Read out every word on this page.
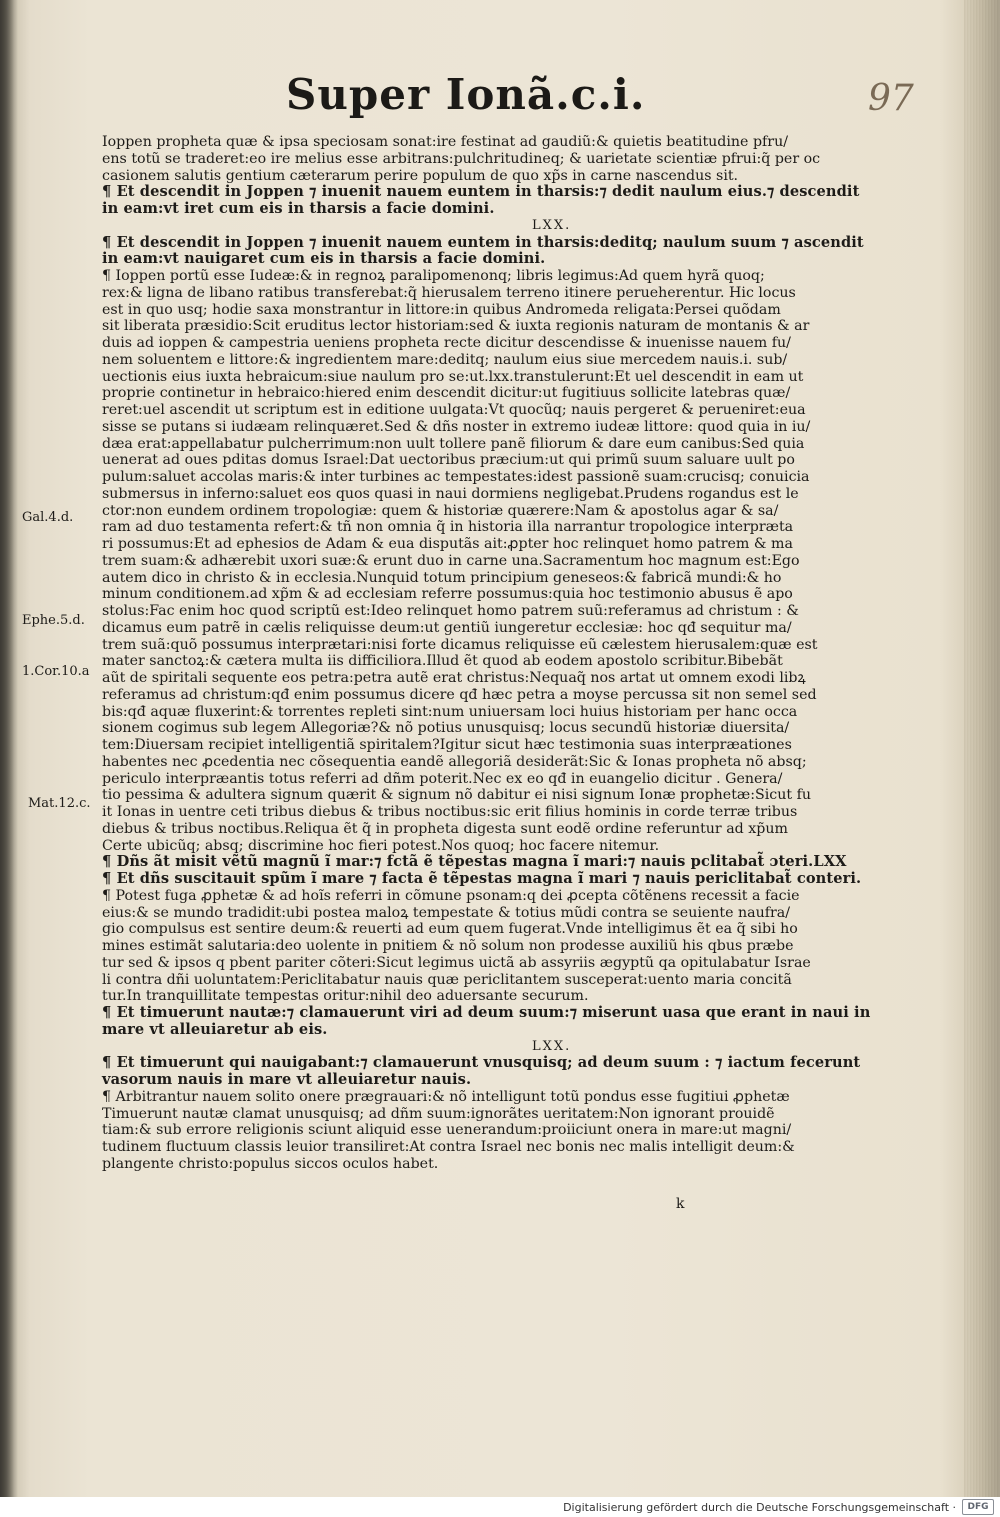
Super Ionã.c.i.	97
Gal.4.d.
Ephe.5.d.
1.Cor.10.a
Mat.12.c.
Ioppen propheta quæ & ipsa speciosam sonat:ire festinat ad gaudiũ:& quietis beatitudine pfru/
ens totũ se traderet:eo ire melius esse arbitrans:pulchritudineq; & uarietate scientiæ pfrui:q̃ per oc
casionem salutis gentium cæterarum perire populum de quo xp̃s in carne nascendus sit.
¶ Et descendit in Joppen ⁊ inuenit nauem euntem in tharsis:⁊ dedit naulum eius.⁊ descendit
in eam:vt iret cum eis in tharsis a facie domini.
LXX.
¶ Et descendit in Joppen ⁊ inuenit nauem euntem in tharsis:deditq; naulum suum ⁊ ascendit
in eam:vt nauigaret cum eis in tharsis a facie domini.
¶ Ioppen portũ esse Iudeæ:& in regnoꝝ paralipomenonq; libris legimus:Ad quem hyrã quoq;
rex:& ligna de libano ratibus transferebat:q̃ hierusalem terreno itinere perueherentur. Hic locus
est in quo usq; hodie saxa monstrantur in littore:in quibus Andromeda religata:Persei quõdam
sit liberata præsidio:Scit eruditus lector historiam:sed & iuxta regionis naturam de montanis & ar
duis ad ioppen & campestria ueniens propheta recte dicitur descendisse & inuenisse nauem fu/
nem soluentem e littore:& ingredientem mare:deditq; naulum eius siue mercedem nauis.i. sub/
uectionis eius iuxta hebraicum:siue naulum pro se:ut.lxx.transtulerunt:Et uel descendit in eam ut
proprie continetur in hebraico:hiered enim descendit dicitur:ut fugitiuus sollicite latebras quæ/
reret:uel ascendit ut scriptum est in editione uulgata:Vt quocũq; nauis pergeret & perueniret:eua
sisse se putans si iudæam relinquæret.Sed & dñs noster in extremo iudeæ littore: quod quia in iu/
dæa erat:appellabatur pulcherrimum:non uult tollere panẽ filiorum & dare eum canibus:Sed quia
uenerat ad oues pditas domus Israel:Dat uectoribus præcium:ut qui primũ suum saluare uult po
pulum:saluet accolas maris:& inter turbines ac tempestates:idest passionẽ suam:crucisq; conuicia
submersus in inferno:saluet eos quos quasi in naui dormiens negligebat.Prudens rogandus est le
ctor:non eundem ordinem tropologiæ: quem & historiæ quærere:Nam & apostolus agar & sa/
ram ad duo testamenta refert:& tñ non omnia q̃ in historia illa narrantur tropologice interpræta
ri possumus:Et ad ephesios de Adam & eua disputãs ait:ꝓpter hoc relinquet homo patrem & ma
trem suam:& adhærebit uxori suæ:& erunt duo in carne una.Sacramentum hoc magnum est:Ego
autem dico in christo & in ecclesia.Nunquid totum principium geneseos:& fabricã mundi:& ho
minum conditionem.ad xp̃m & ad ecclesiam referre possumus:quia hoc testimonio abusus ẽ apo
stolus:Fac enim hoc quod scriptũ est:Ideo relinquet homo patrem suũ:referamus ad christum : &
dicamus eum patrẽ in cælis reliquisse deum:ut gentiũ iungeretur ecclesiæ: hoc qđ sequitur ma/
trem suã:quõ possumus interprætari:nisi forte dicamus reliquisse eũ cælestem hierusalem:quæ est
mater sanctoꝝ:& cætera multa iis difficiliora.Illud ẽt quod ab eodem apostolo scribitur.Bibebãt
aũt de spiritali sequente eos petra:petra autẽ erat christus:Nequaq̃ nos artat ut omnem exodi libꝝ
referamus ad christum:qđ enim possumus dicere qđ hæc petra a moyse percussa sit non semel sed
bis:qđ aquæ fluxerint:& torrentes repleti sint:num uniuersam loci huius historiam per hanc occa
sionem cogimus sub legem Allegoriæ?& nõ potius unusquisq; locus secundũ historiæ diuersita/
tem:Diuersam recipiet intelligentiã spiritalem?Igitur sicut hæc testimonia suas interpræationes
habentes nec ꝓcedentia nec cõsequentia eandẽ allegoriã desiderãt:Sic & Ionas propheta nõ absq;
periculo interpræantis totus referri ad dñm poterit.Nec ex eo qđ in euangelio dicitur . Genera/
tio pessima & adultera signum quærit & signum nõ dabitur ei nisi signum Ionæ prophetæ:Sicut fu
it Ionas in uentre ceti tribus diebus & tribus noctibus:sic erit filius hominis in corde terræ tribus
diebus & tribus noctibus.Reliqua ẽt q̃ in propheta digesta sunt eodẽ ordine referuntur ad xp̃um
Certe ubicũq; absq; discrimine hoc fieri potest.Nos quoq; hoc facere nitemur.
¶ Dñs ãt misit vẽtũ magnũ ĩ mar:⁊ fctã ẽ tẽpestas magna ĩ mari:⁊ nauis pclitabat̃ ɔteri.LXX
¶ Et dñs suscitauit spũm ĩ mare ⁊ facta ẽ tẽpestas magna ĩ mari ⁊ nauis periclitabat̃ conteri.
¶ Potest fuga ꝓphetæ & ad hoĩs referri in cõmune psonam:q dei ꝓcepta cõtẽnens recessit a facie
eius:& se mundo tradidit:ubi postea maloꝝ tempestate & totius mũdi contra se seuiente naufra/
gio compulsus est sentire deum:& reuerti ad eum quem fugerat.Vnde intelligimus ẽt ea q̃ sibi ho
mines estimãt salutaria:deo uolente in pnitiem & nõ solum non prodesse auxiliũ his qbus præbe
tur sed & ipsos q pbent pariter cõteri:Sicut legimus uictã ab assyriis ægyptũ qa opitulabatur Israe
li contra dñi uoluntatem:Periclitabatur nauis quæ periclitantem susceperat:uento maria concitã
tur.In tranquillitate tempestas oritur:nihil deo aduersante securum.
¶ Et timuerunt nautæ:⁊ clamauerunt viri ad deum suum:⁊ miserunt uasa que erant in naui in
mare vt alleuiaretur ab eis.
LXX.
¶ Et timuerunt qui nauigabant:⁊ clamauerunt vnusquisq; ad deum suum : ⁊ iactum fecerunt
vasorum nauis in mare vt alleuiaretur nauis.
¶ Arbitrantur nauem solito onere prægrauari:& nõ intelligunt totũ pondus esse fugitiui ꝓphetæ
Timuerunt nautæ clamat unusquisq; ad dñm suum:ignorãtes ueritatem:Non ignorant prouidẽ
tiam:& sub errore religionis sciunt aliquid esse uenerandum:proiiciunt onera in mare:ut magni/
tudinem fluctuum classis leuior transiliret:At contra Israel nec bonis nec malis intelligit deum:&
plangente christo:populus siccos oculos habet.
k
Digitalisierung gefördert durch die Deutsche Forschungsgemeinschaft ·	DFG
